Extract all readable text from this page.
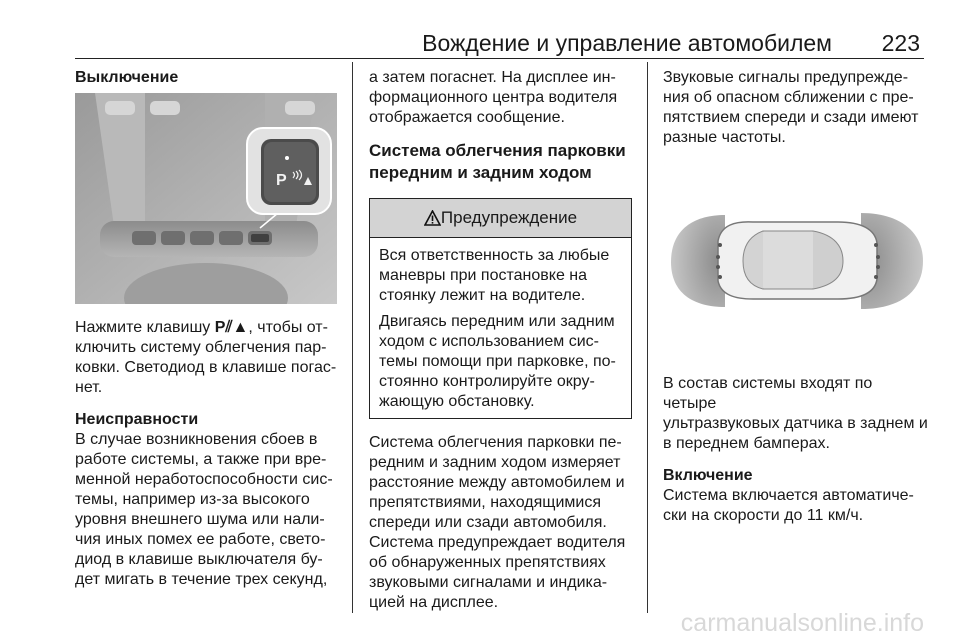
Вождение и управление автомобилем 223

Выключение

P

Нажмите клавишу P⫽▲, чтобы от-
ключить систему облегчения пар-
ковки. Светодиод в клавише погас-
нет.

Неисправности

В случае возникновения сбоев в
работе системы, а также при вре-
менной неработоспособности сис-
темы, например из-за высокого
уровня внешнего шума или нали-
чия иных помех ее работе, свето-
диод в клавише выключателя бу-
дет мигать в течение трех секунд,

а затем погаснет. На дисплее ин-
формационного центра водителя
отображается сообщение.

Система облегчения парковки
передним и задним ходом

Предупреждение

Вся ответственность за любые
маневры при постановке на
стоянку лежит на водителе.

Двигаясь передним или задним
ходом с использованием сис-
темы помощи при парковке, по-
стоянно контролируйте окру-
жающую обстановку.

Система облегчения парковки пе-
редним и задним ходом измеряет
расстояние между автомобилем и
препятствиями, находящимися
спереди или сзади автомобиля.
Система предупреждает водителя
об обнаруженных препятствиях
звуковыми сигналами и индика-
цией на дисплее.

Звуковые сигналы предупрежде-
ния об опасном сближении с пре-
пятствием спереди и сзади имеют
разные частоты.

В состав системы входят по четыре
ультразвуковых датчика в заднем и
в переднем бамперах.

Включение

Система включается автоматиче-
ски на скорости до 11 км/ч.

carmanualsonline.info
